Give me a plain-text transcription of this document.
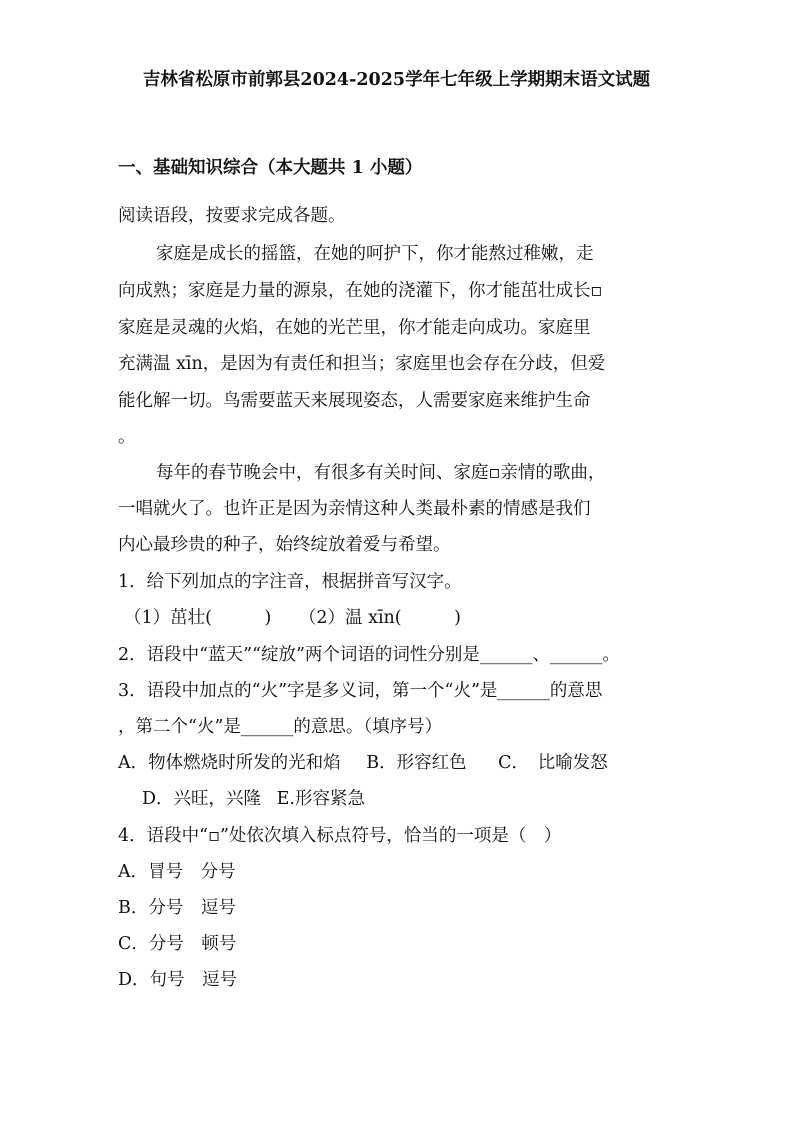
吉林省松原市前郭县2024-2025学年七年级上学期期末语文试题
一、基础知识综合（本大题共 1 小题）
阅读语段，按要求完成各题。
家庭是成长的摇篮，在她的呵护下，你才能熬过稚嫩，走
向成熟；家庭是力量的源泉，在她的浇灌下，你才能茁壮成长▫
家庭是灵魂的火焰，在她的光芒里，你才能走向成功。家庭里
充满温 xīn，是因为有责任和担当；家庭里也会存在分歧，但爱
能化解一切。鸟需要蓝天来展现姿态，人需要家庭来维护生命
。
每年的春节晚会中，有很多有关时间、家庭▫亲情的歌曲，
一唱就火了。也许正是因为亲情这种人类最朴素的情感是我们
内心最珍贵的种子，始终绽放着爱与希望。
1．给下列加点的字注音，根据拼音写汉字。
（1）茁壮(　　　) （2）温 xīn(　　　)
2．语段中“蓝天”“绽放”两个词语的词性分别是______、______。
3．语段中加点的“火”字是多义词，第一个“火”是______的意思
，第二个“火”是______的意思。（填序号）
A．物体燃烧时所发的光和焰 B．形容红色 C．　比喻发怒
D．兴旺，兴隆 E.形容紧急
4．语段中“▫”处依次填入标点符号，恰当的一项是（　）
A．冒号　分号
B．分号　逗号
C．分号　顿号
D．句号　逗号
